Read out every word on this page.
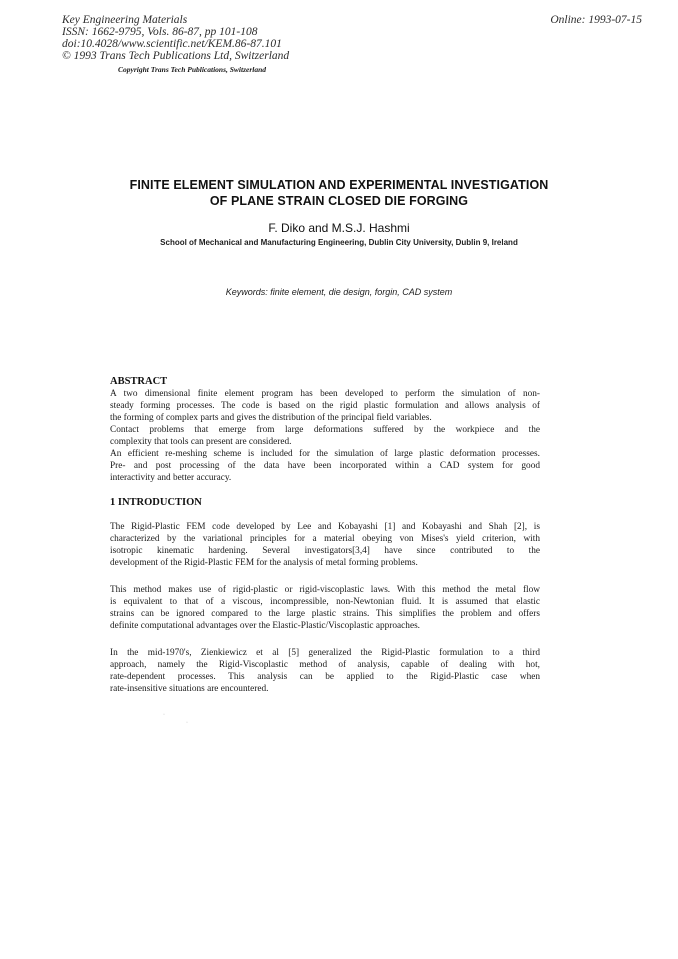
Key Engineering Materials
ISSN: 1662-9795, Vols. 86-87, pp 101-108
doi:10.4028/www.scientific.net/KEM.86-87.101
© 1993 Trans Tech Publications Ltd, Switzerland
Online: 1993-07-15
Copyright Trans Tech Publications, Switzerland
FINITE ELEMENT SIMULATION AND EXPERIMENTAL INVESTIGATION
OF PLANE STRAIN CLOSED DIE FORGING
F. Diko and M.S.J. Hashmi
School of Mechanical and Manufacturing Engineering, Dublin City University, Dublin 9, Ireland
Keywords: finite element, die design, forgin, CAD system
ABSTRACT
A two dimensional finite element program has been developed to perform the simulation of non-
steady forming processes. The code is based on the rigid plastic formulation and allows analysis of
the forming of complex parts and gives the distribution of the principal field variables.
Contact problems that emerge from large deformations suffered by the workpiece and the
complexity that tools can present are considered.
An efficient re-meshing scheme is included for the simulation of large plastic deformation processes.
Pre- and post processing of the data have been incorporated within a CAD system for good
interactivity and better accuracy.
1 INTRODUCTION
The Rigid-Plastic FEM code developed by Lee and Kobayashi [1] and Kobayashi and Shah [2], is
characterized by the variational principles for a material obeying von Mises's yield criterion, with
isotropic kinematic hardening. Several investigators[3,4] have since contributed to the
development of the Rigid-Plastic FEM for the analysis of metal forming problems.
This method makes use of rigid-plastic or rigid-viscoplastic laws. With this method the metal flow
is equivalent to that of a viscous, incompressible, non-Newtonian fluid. It is assumed that elastic
strains can be ignored compared to the large plastic strains. This simplifies the problem and offers
definite computational advantages over the Elastic-Plastic/Viscoplastic approaches.
In the mid-1970's, Zienkiewicz et al [5] generalized the Rigid-Plastic formulation to a third
approach, namely the Rigid-Viscoplastic method of analysis, capable of dealing with hot,
rate-dependent processes. This analysis can be applied to the Rigid-Plastic case when
rate-insensitive situations are encountered.
·
·
